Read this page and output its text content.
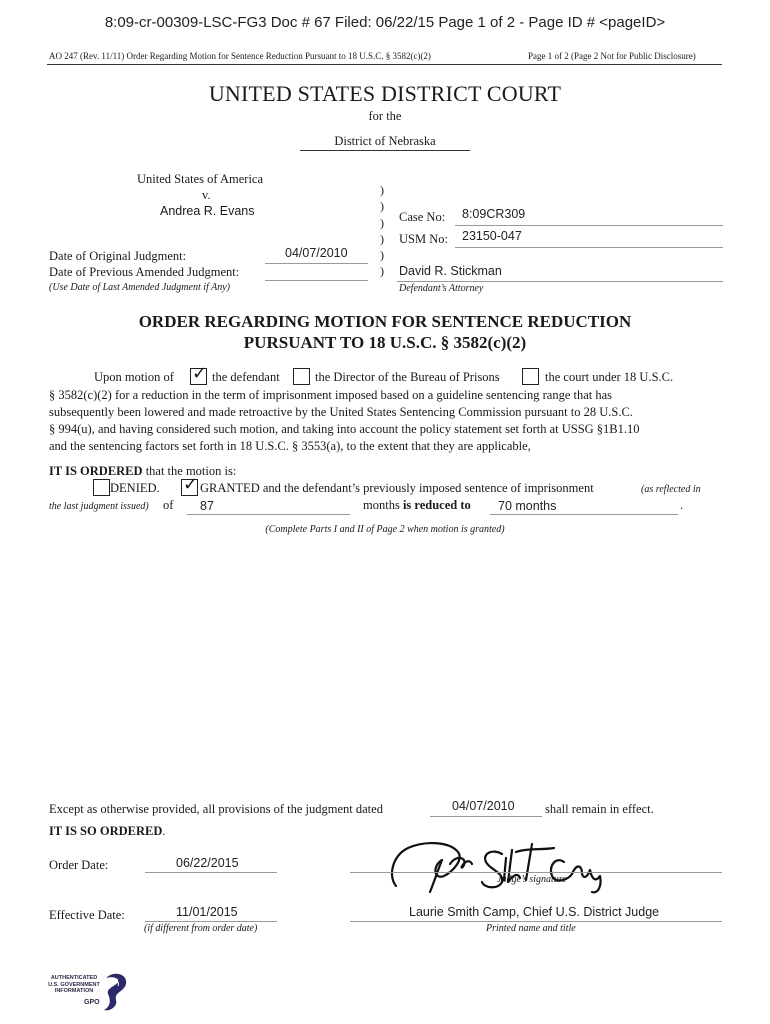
8:09-cr-00309-LSC-FG3 Doc # 67 Filed: 06/22/15 Page 1 of 2 - Page ID # <pageID>
AO 247 (Rev. 11/11) Order Regarding Motion for Sentence Reduction Pursuant to 18 U.S.C. § 3582(c)(2)	Page 1 of 2 (Page 2 Not for Public Disclosure)
UNITED STATES DISTRICT COURT
for the
District of Nebraska
United States of America
v.
Andrea R. Evans
)
)
)
)
)
)
Case No: 8:09CR309
USM No: 23150-047
Date of Original Judgment:	04/07/2010
Date of Previous Amended Judgment:
(Use Date of Last Amended Judgment if Any)
David R. Stickman
Defendant’s Attorney
ORDER REGARDING MOTION FOR SENTENCE REDUCTION
PURSUANT TO 18 U.S.C. § 3582(c)(2)
Upon motion of ✓ the defendant	the Director of the Bureau of Prisons	the court under 18 U.S.C.
§ 3582(c)(2) for a reduction in the term of imprisonment imposed based on a guideline sentencing range that has
subsequently been lowered and made retroactive by the United States Sentencing Commission pursuant to 28 U.S.C.
§ 994(u), and having considered such motion, and taking into account the policy statement set forth at USSG §1B1.10
and the sentencing factors set forth in 18 U.S.C. § 3553(a), to the extent that they are applicable,
IT IS ORDERED that the motion is:
DENIED. ✓ GRANTED and the defendant’s previously imposed sentence of imprisonment	(as reflected in
the last judgment issued) of 87	months is reduced to 70 months	.
(Complete Parts I and II of Page 2 when motion is granted)
Except as otherwise provided, all provisions of the judgment dated	04/07/2010 shall remain in effect.
IT IS SO ORDERED.
Order Date:	06/22/2015
Judge’s signature
Effective Date:	11/01/2015
(if different from order date)
Laurie Smith Camp, Chief U.S. District Judge
Printed name and title
AUTHENTICATED
U.S. GOVERNMENT
INFORMATION
GPO
